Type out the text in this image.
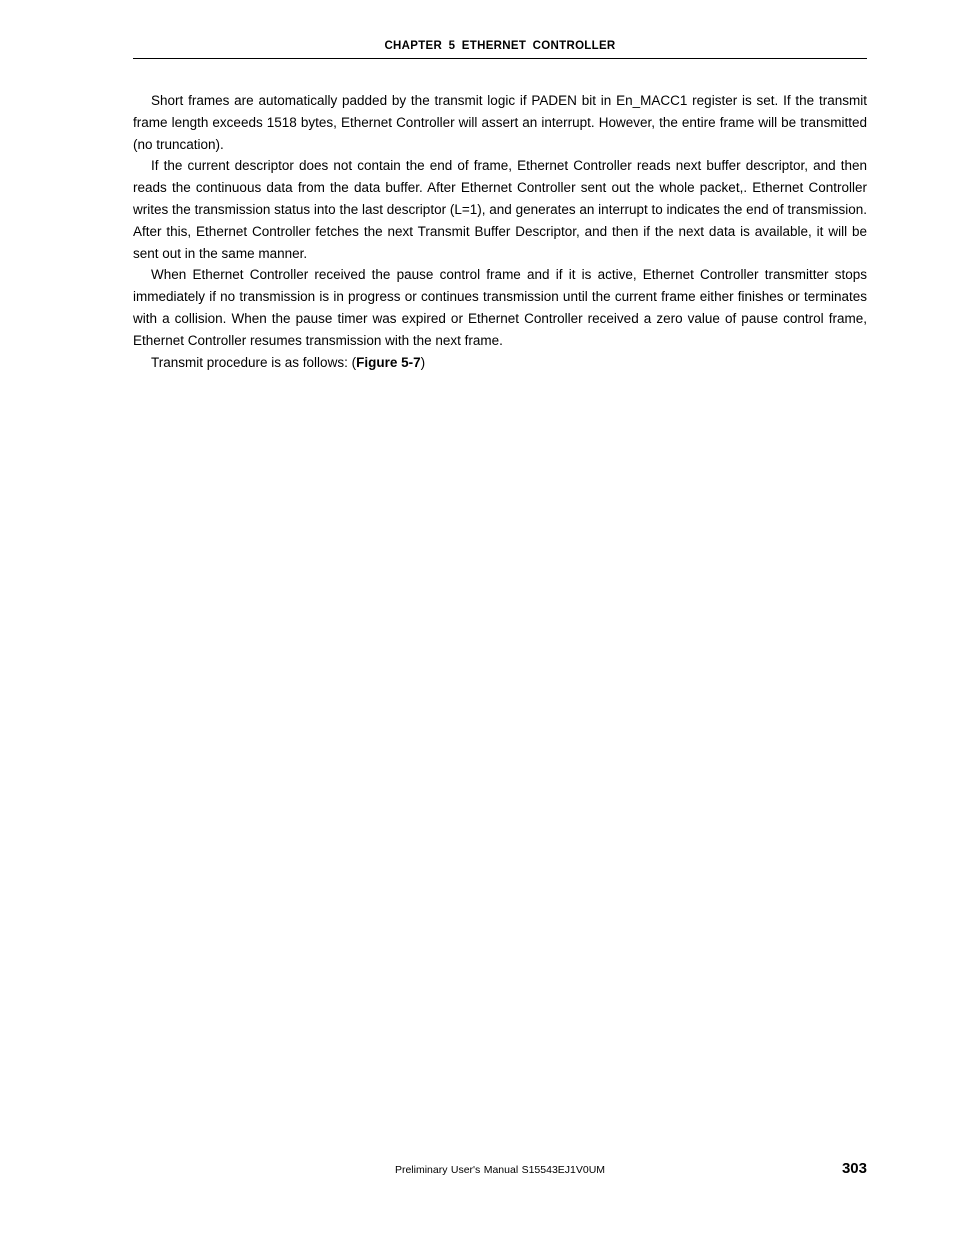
CHAPTER 5 ETHERNET CONTROLLER

Short frames are automatically padded by the transmit logic if PADEN bit in En_MACC1 register is set. If the transmit frame length exceeds 1518 bytes, Ethernet Controller will assert an interrupt. However, the entire frame will be transmitted (no truncation).

If the current descriptor does not contain the end of frame, Ethernet Controller reads next buffer descriptor, and then reads the continuous data from the data buffer. After Ethernet Controller sent out the whole packet,. Ethernet Controller writes the transmission status into the last descriptor (L=1), and generates an interrupt to indicates the end of transmission. After this, Ethernet Controller fetches the next Transmit Buffer Descriptor, and then if the next data is available, it will be sent out in the same manner.

When Ethernet Controller received the pause control frame and if it is active, Ethernet Controller transmitter stops immediately if no transmission is in progress or continues transmission until the current frame either finishes or terminates with a collision. When the pause timer was expired or Ethernet Controller received a zero value of pause control frame, Ethernet Controller resumes transmission with the next frame.

Transmit procedure is as follows: (Figure 5-7)

Preliminary User's Manual S15543EJ1V0UM	303
